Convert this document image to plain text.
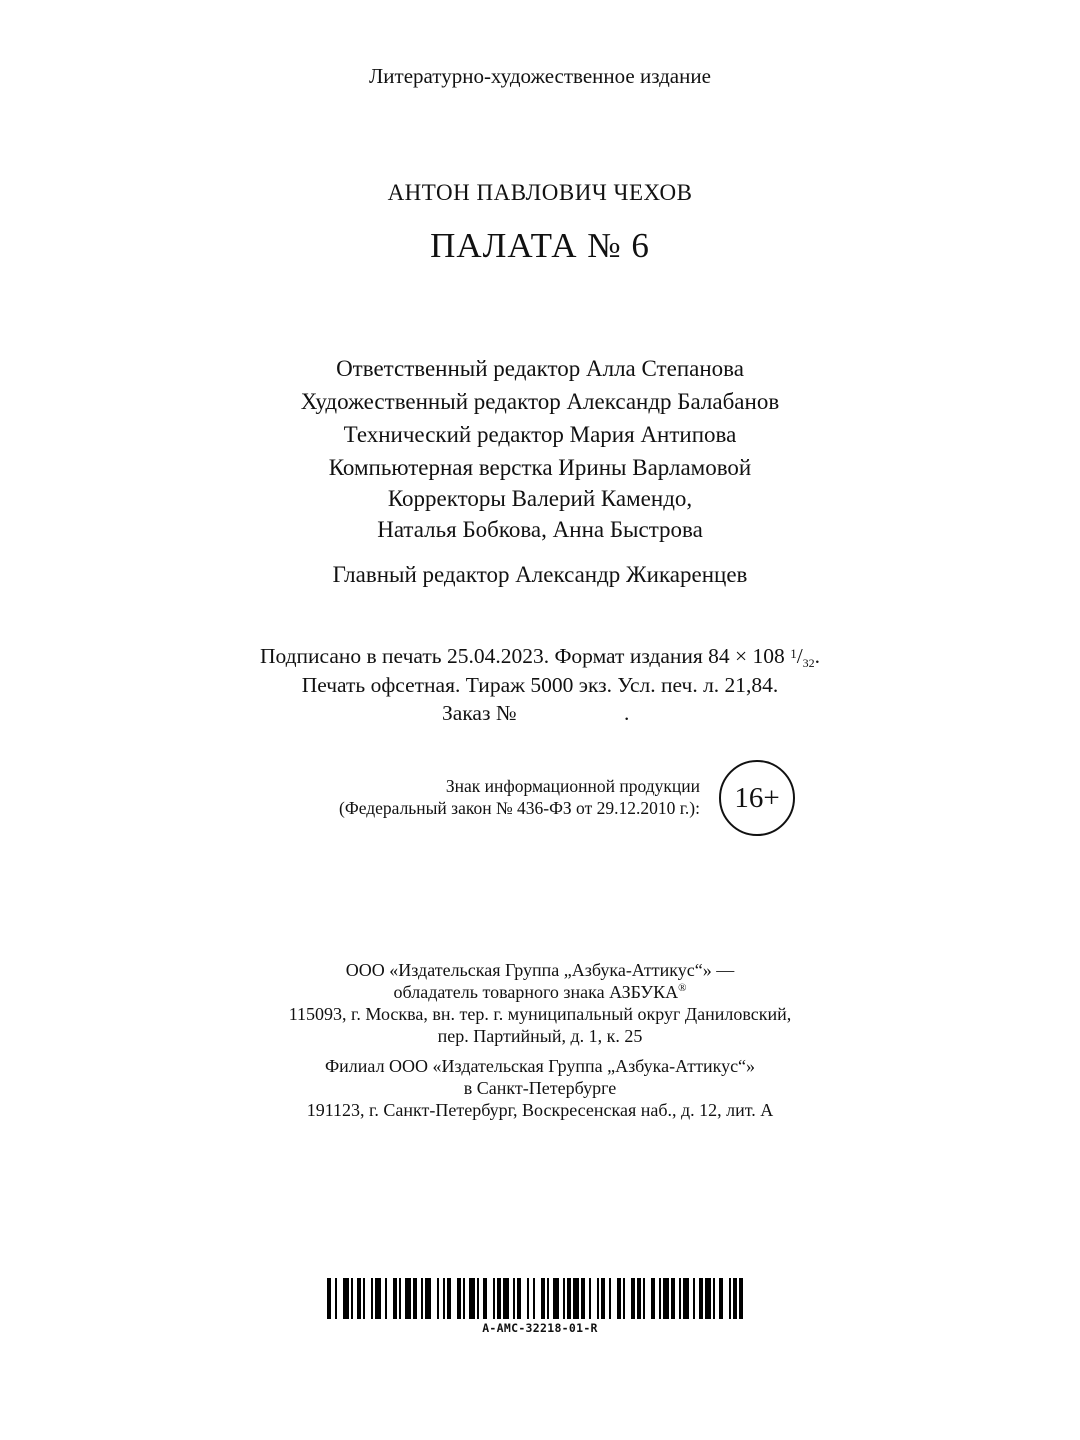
Литературно-художественное издание
АНТОН ПАВЛОВИЧ ЧЕХОВ
ПАЛАТА № 6
Ответственный редактор Алла Степанова
Художественный редактор Александр Балабанов
Технический редактор Мария Антипова
Компьютерная верстка Ирины Варламовой
Корректоры Валерий Камендо,
Наталья Бобкова, Анна Быстрова
Главный редактор Александр Жикаренцев
Подписано в печать 25.04.2023. Формат издания 84 × 108 $^1$/32.
Печать офсетная. Тираж 5000 экз. Усл. печ. л. 21,84.
Заказ №	.
Знак информационной продукции
(Федеральный закон № 436-ФЗ от 29.12.2010 г.): 16+
ООО «Издательская Группа „Азбука-Аттикус“» —
обладатель товарного знака АЗБУКА®
115093, г. Москва, вн. тер. г. муниципальный округ Даниловский,
пер. Партийный, д. 1, к. 25
Филиал ООО «Издательская Группа „Азбука-Аттикус“»
в Санкт-Петербурге
191123, г. Санкт-Петербург, Воскресенская наб., д. 12, лит. А
A-AMC-32218-01-R
